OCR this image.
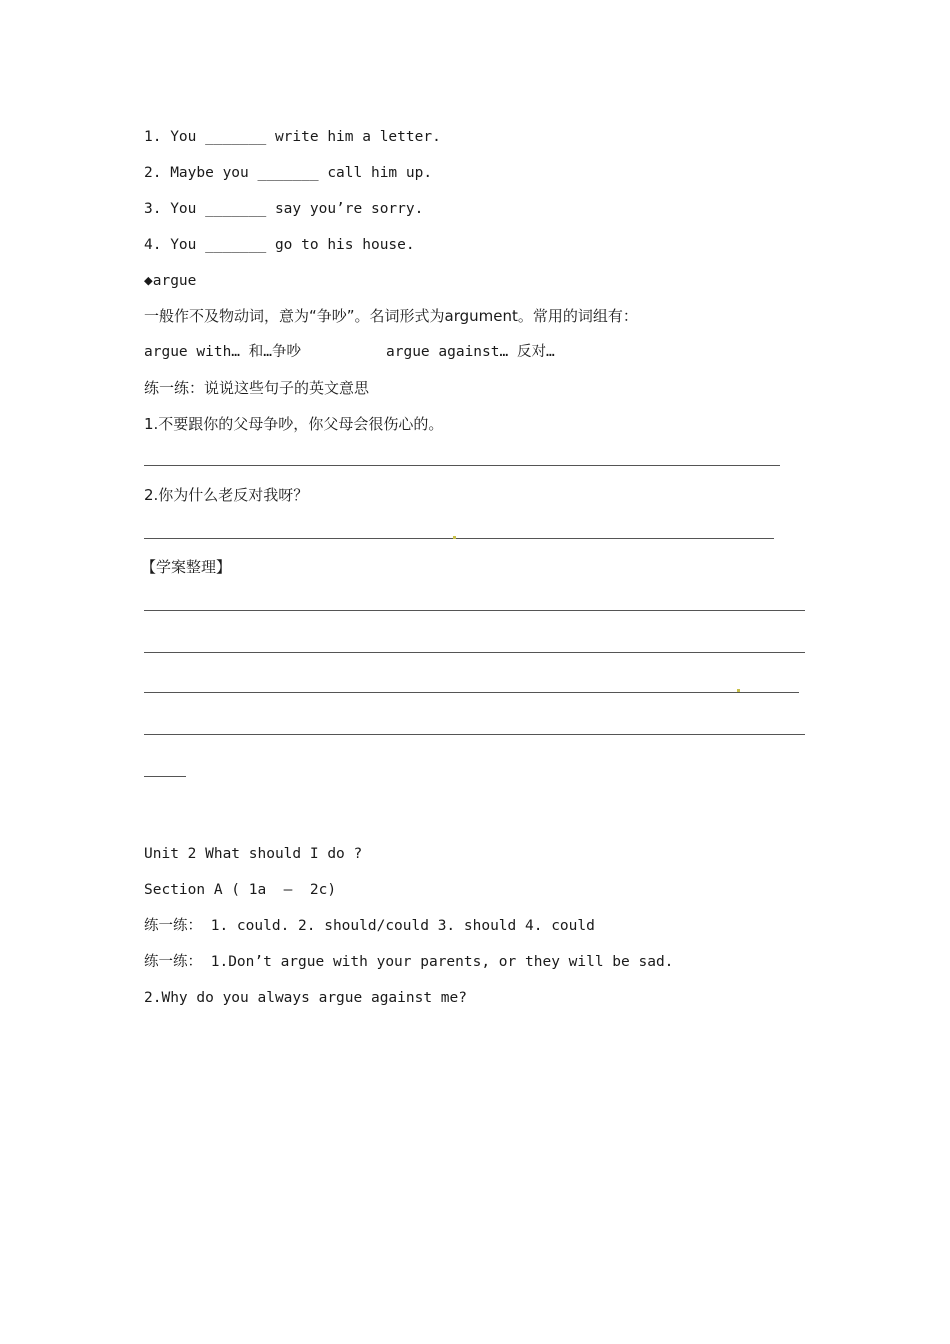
1. You _______ write him a letter.

2. Maybe you _______ call him up.

3. You _______ say you’re sorry.

4. You _______ go to his house.

◆argue

一般作不及物动词，意为“争吵”。名词形式为argument。常用的词组有：

argue with… 和…争吵	argue against… 反对…

练一练：说说这些句子的英文意思

1.不要跟你的父母争吵，你父母会很伤心的。

2.你为什么老反对我呀？

【学案整理】

Unit 2 What should I do ?

Section A ( 1a  –  2c)

练一练： 1. could. 2. should/could 3. should 4. could

练一练： 1.Don’t argue with your parents, or they will be sad.

2.Why do you always argue against me?
